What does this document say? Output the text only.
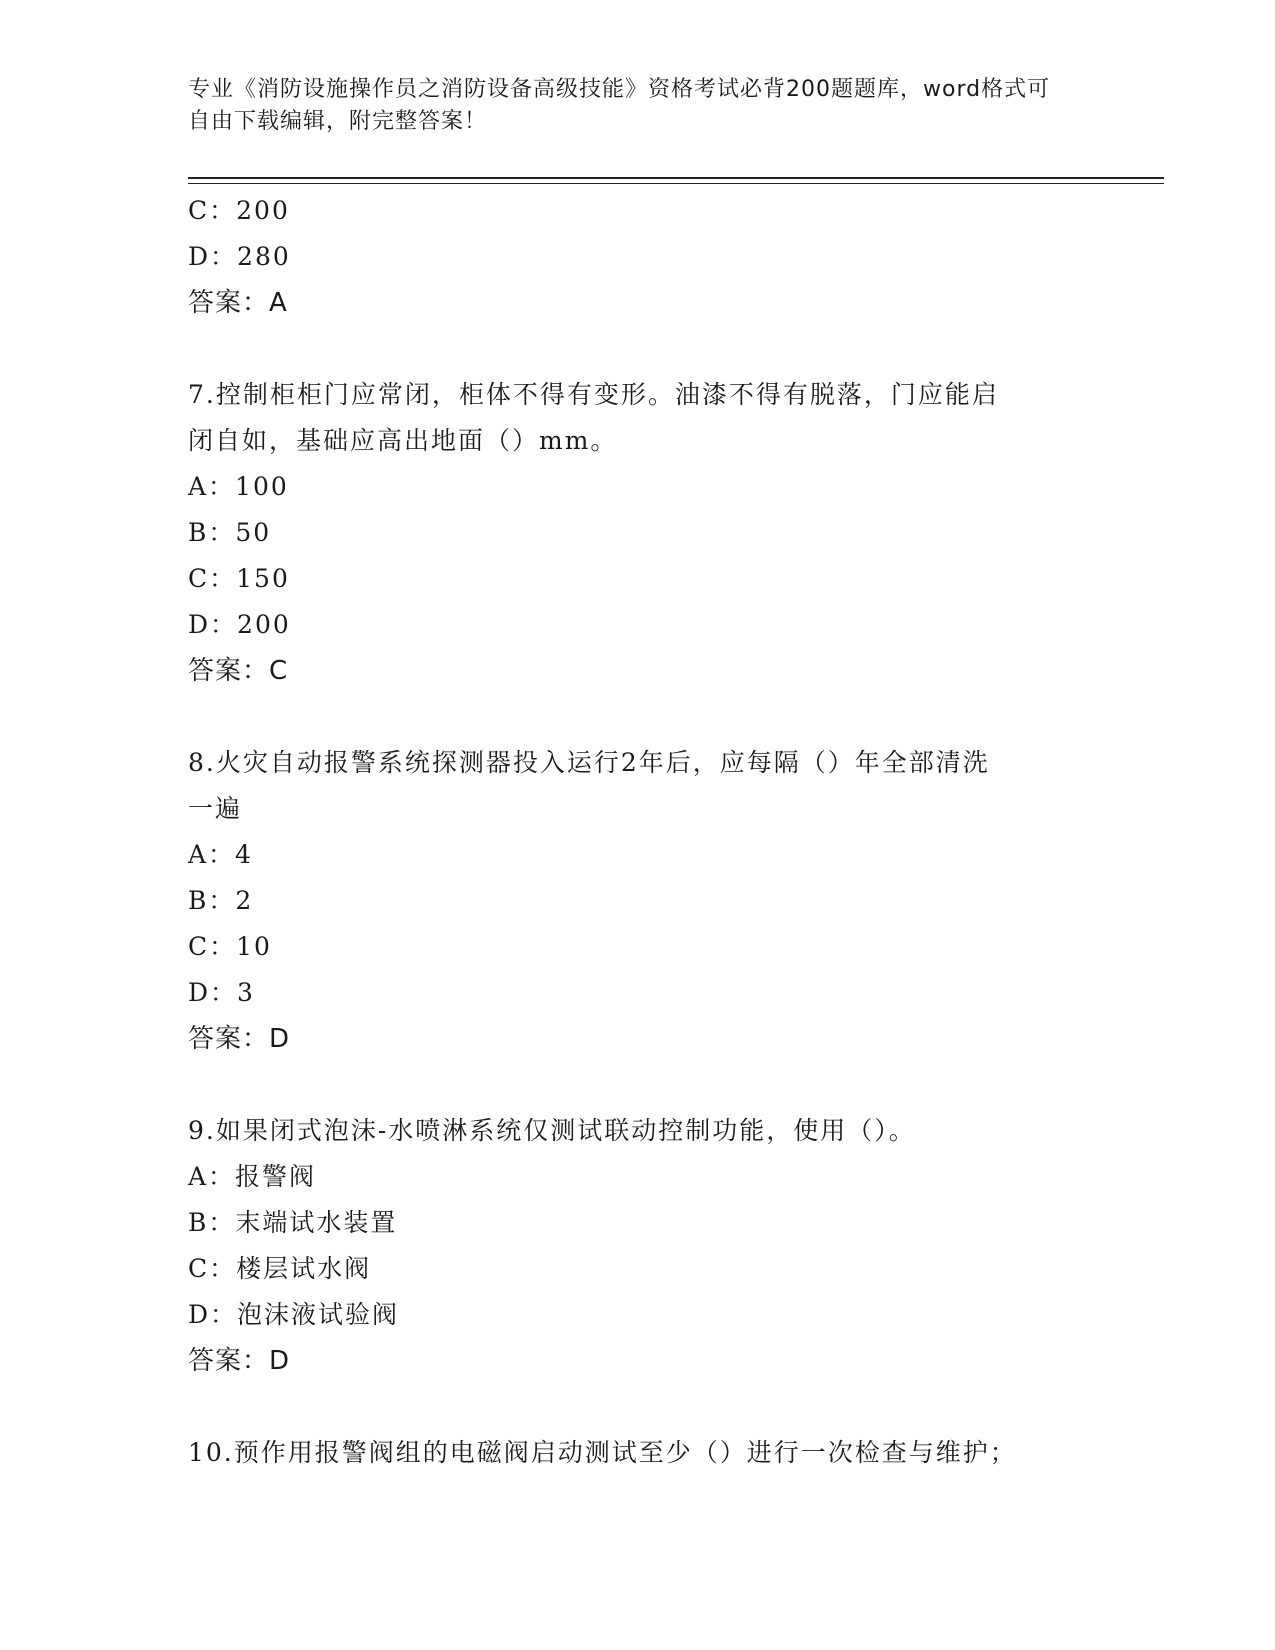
专业《消防设施操作员之消防设备高级技能》资格考试必背200题题库，word格式可自由下载编辑，附完整答案！
C：200
D：280
答案：A
7.控制柜柜门应常闭，柜体不得有变形。油漆不得有脱落，门应能启
闭自如，基础应高出地面（）mm。
A：100
B：50
C：150
D：200
答案：C
8.火灾自动报警系统探测器投入运行2年后，应每隔（）年全部清洗
一遍
A：4
B：2
C：10
D：3
答案：D
9.如果闭式泡沫-水喷淋系统仅测试联动控制功能，使用（）。
A：报警阀
B：末端试水装置
C：楼层试水阀
D：泡沫液试验阀
答案：D
10.预作用报警阀组的电磁阀启动测试至少（）进行一次检查与维护；
